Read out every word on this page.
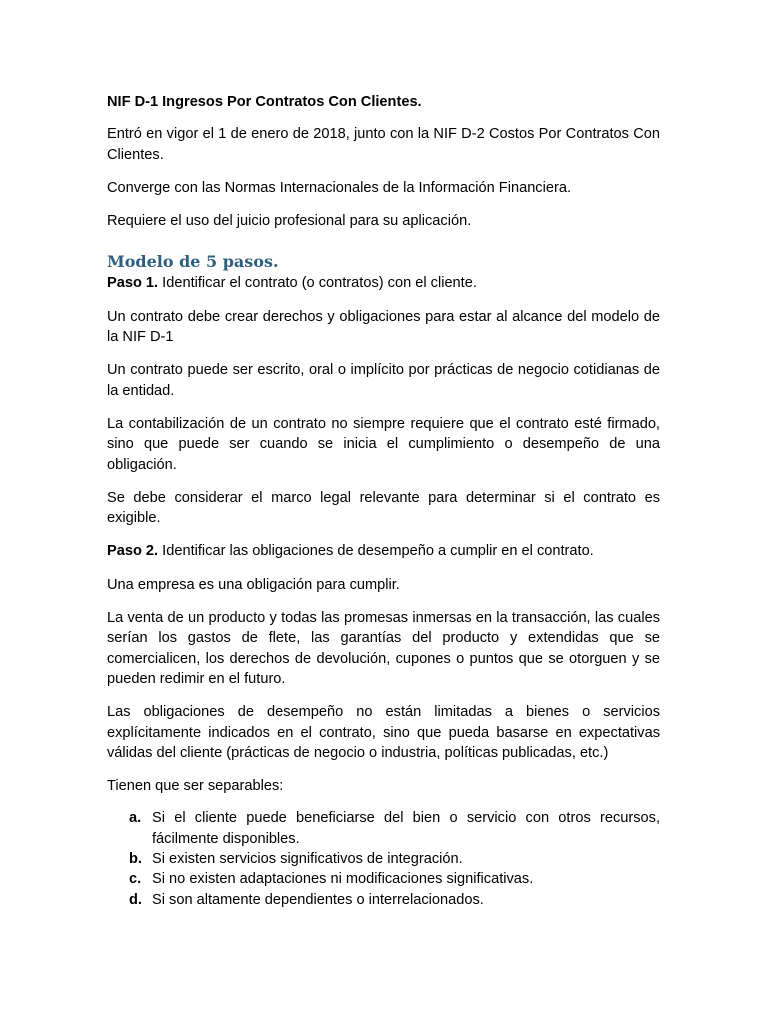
NIF D-1 Ingresos Por Contratos Con Clientes.

Entró en vigor el 1 de enero de 2018, junto con la NIF D-2 Costos Por Contratos Con Clientes.

Converge con las Normas Internacionales de la Información Financiera.

Requiere el uso del juicio profesional para su aplicación.

Modelo de 5 pasos.

Paso 1. Identificar el contrato (o contratos) con el cliente.

Un contrato debe crear derechos y obligaciones para estar al alcance del modelo de la NIF D-1

Un contrato puede ser escrito, oral o implícito por prácticas de negocio cotidianas de la entidad.

La contabilización de un contrato no siempre requiere que el contrato esté firmado, sino que puede ser cuando se inicia el cumplimiento o desempeño de una obligación.

Se debe considerar el marco legal relevante para determinar si el contrato es exigible.

Paso 2. Identificar las obligaciones de desempeño a cumplir en el contrato.

Una empresa es una obligación para cumplir.

La venta de un producto y todas las promesas inmersas en la transacción, las cuales serían los gastos de flete, las garantías del producto y extendidas que se comercialicen, los derechos de devolución, cupones o puntos que se otorguen y se pueden redimir en el futuro.

Las obligaciones de desempeño no están limitadas a bienes o servicios explícitamente indicados en el contrato, sino que pueda basarse en expectativas válidas del cliente (prácticas de negocio o industria, políticas publicadas, etc.)

Tienen que ser separables:

a. Si el cliente puede beneficiarse del bien o servicio con otros recursos, fácilmente disponibles.
b. Si existen servicios significativos de integración.
c. Si no existen adaptaciones ni modificaciones significativas.
d. Si son altamente dependientes o interrelacionados.
